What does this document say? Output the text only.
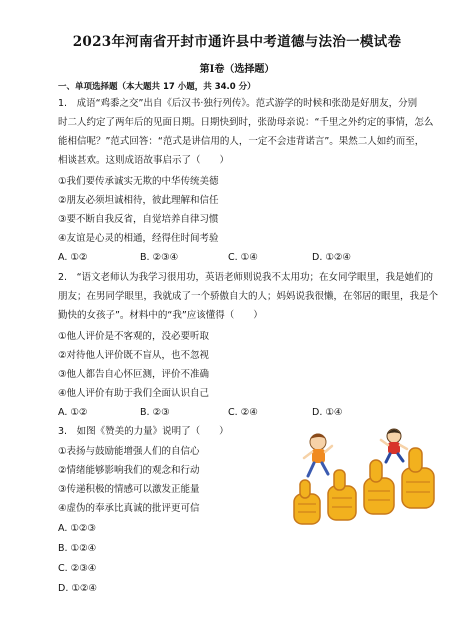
2023年河南省开封市通许县中考道德与法治一模试卷
第Ⅰ卷（选择题）
一、单项选择题（本大题共 17 小题，共 34.0 分）
1.　成语“鸡黍之交”出自《后汉书·独行列传》。范式游学的时候和张劭是好朋友，分别
时二人约定了两年后的见面日期。日期快到时，张劭母亲说：“千里之外约定的事情，怎么
能相信呢？”范式回答：“范式是讲信用的人，一定不会违背诺言”。果然二人如约而至，
相谈甚欢。这则成语故事启示了（　　）
①我们要传承诚实无欺的中华传统美德
②朋友必须坦诚相待，彼此理解和信任
③要不断自我反省，自觉培养自律习惯
④友谊是心灵的相通，经得住时间考验
A. ①②	B. ②③④	C. ①④	D. ①②④
2.　“语文老师认为我学习很用功，英语老师则说我不太用功；在女同学眼里，我是她们的
朋友；在男同学眼里，我就成了一个骄傲自大的人；妈妈说我很懒，在邻居的眼里，我是个
勤快的女孩子”。材料中的“我”应该懂得（　　）
①他人评价是不客观的，没必要听取
②对待他人评价既不盲从，也不忽视
③他人都告自心怀叵测，评价不准确
④他人评价有助于我们全面认识自己
A. ①②	B. ②③	C. ②④	D. ①④
3.　如图《赞美的力量》说明了（　　）
①表扬与鼓励能增强人们的自信心
②情绪能够影响我们的观念和行动
③传递积极的情感可以激发正能量
④虚伪的奉承比真诚的批评更可信
A. ①②③
B. ①②④
C. ②③④
D. ①②④
